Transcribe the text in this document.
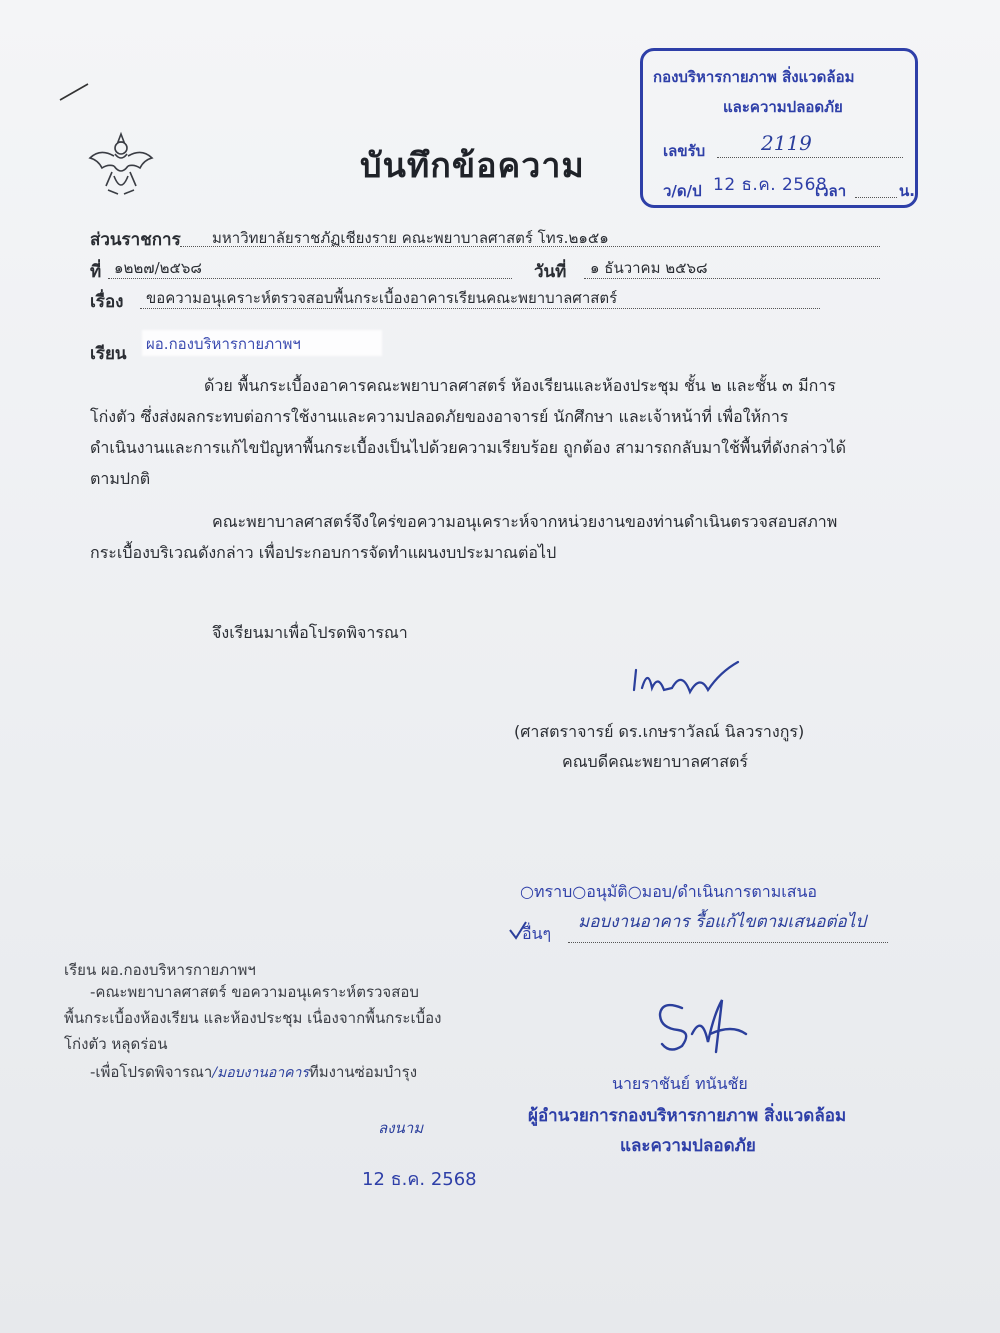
บันทึกข้อความ
กองบริหารกายภาพ สิ่งแวดล้อม
และความปลอดภัย
เลขรับ	2119
ว/ด/ป 12 ธ.ค. 2568
เวลา	น.
ส่วนราชการ มหาวิทยาลัยราชภัฏเชียงราย คณะพยาบาลศาสตร์ โทร.๒๑๕๑
ที่ ๑๒๒๗/๒๕๖๘	วันที่ ๑ ธันวาคม ๒๕๖๘
เรื่อง ขอความอนุเคราะห์ตรวจสอบพื้นกระเบื้องอาคารเรียนคณะพยาบาลศาสตร์
เรียน ผอ.กองบริหารกายภาพฯ
ด้วย พื้นกระเบื้องอาคารคณะพยาบาลศาสตร์ ห้องเรียนและห้องประชุม ชั้น ๒ และชั้น ๓ มีการ
โก่งตัว ซึ่งส่งผลกระทบต่อการใช้งานและความปลอดภัยของอาจารย์ นักศึกษา และเจ้าหน้าที่ เพื่อให้การ
ดำเนินงานและการแก้ไขปัญหาพื้นกระเบื้องเป็นไปด้วยความเรียบร้อย ถูกต้อง สามารถกลับมาใช้พื้นที่ดังกล่าวได้
ตามปกติ
คณะพยาบาลศาสตร์จึงใคร่ขอความอนุเคราะห์จากหน่วยงานของท่านดำเนินตรวจสอบสภาพ
กระเบื้องบริเวณดังกล่าว เพื่อประกอบการจัดทำแผนงบประมาณต่อไป
จึงเรียนมาเพื่อโปรดพิจารณา
(ศาสตราจารย์ ดร.เกษราวัลณ์ นิลวรางกูร)
คณบดีคณะพยาบาลศาสตร์
○ทราบ○อนุมัติ○มอบ/ดำเนินการตามเสนอ
อื่นๆ
มอบงานอาคาร รื้อแก้ไขตามเสนอต่อไป
นายราชันย์ ทนันชัย
ผู้อำนวยการกองบริหารกายภาพ สิ่งแวดล้อม
และความปลอดภัย
เรียน ผอ.กองบริหารกายภาพฯ
-คณะพยาบาลศาสตร์ ขอความอนุเคราะห์ตรวจสอบ
พื้นกระเบื้องห้องเรียน และห้องประชุม เนื่องจากพื้นกระเบื้อง
โก่งตัว หลุดร่อน
-เพื่อโปรดพิจารณา/มอบงานอาคารทีมงานซ่อมบำรุง
ลงนาม
12 ธ.ค. 2568
